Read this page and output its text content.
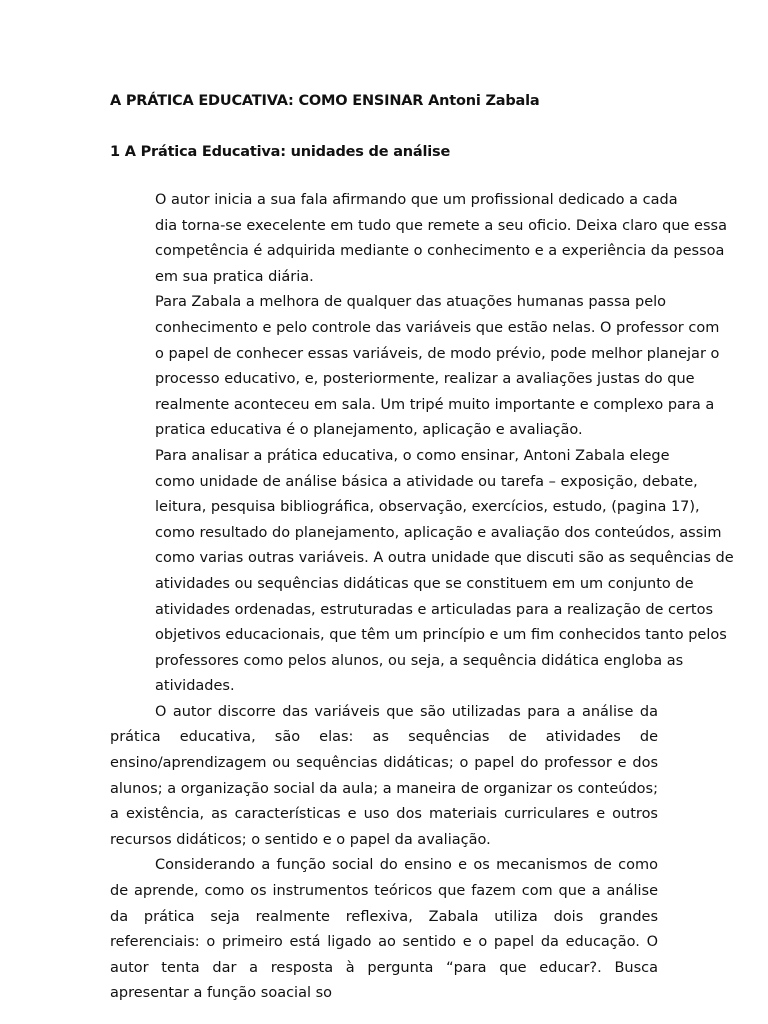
A PRÁTICA EDUCATIVA: COMO ENSINAR Antoni Zabala
1 A Prática Educativa: unidades de análise

O autor inicia a sua fala afirmando que um profissional dedicado a cada
dia torna-se execelente em tudo que remete a seu oficio. Deixa claro que essa
competência é adquirida mediante o conhecimento e a experiência da pessoa
em sua pratica diária.

Para Zabala a melhora de qualquer das atuações humanas passa pelo
conhecimento e pelo controle das variáveis que estão nelas. O professor com
o papel de conhecer essas variáveis, de modo prévio, pode melhor planejar o
processo educativo, e, posteriormente, realizar a avaliações justas do que
realmente aconteceu em sala. Um tripé muito importante e complexo para a
pratica educativa é o planejamento, aplicação e avaliação.

Para analisar a prática educativa, o como ensinar, Antoni Zabala elege
como unidade de análise básica a atividade ou tarefa – exposição, debate,
leitura, pesquisa bibliográfica, observação, exercícios, estudo, (pagina 17),
como resultado do planejamento, aplicação e avaliação dos conteúdos, assim
como varias outras variáveis. A outra unidade que discuti são as sequências de
atividades ou sequências didáticas que se constituem em um conjunto de
atividades ordenadas, estruturadas e articuladas para a realização de certos
objetivos educacionais, que têm um princípio e um fim conhecidos tanto pelos
professores como pelos alunos, ou seja, a sequência didática engloba as
atividades.

O autor discorre das variáveis que são utilizadas para a análise da prática educativa, são elas: as sequências de atividades de ensino/aprendizagem ou sequências didáticas; o papel do professor e dos alunos; a organização social da aula; a maneira de organizar os conteúdos; a existência, as características e uso dos materiais curriculares e outros recursos didáticos; o sentido e o papel da avaliação.

Considerando a função social do ensino e os mecanismos de como de aprende, como os instrumentos teóricos que fazem com que a análise da prática seja realmente reflexiva, Zabala utiliza dois grandes referenciais: o primeiro está ligado ao sentido e o papel da educação. O autor tenta dar a resposta à pergunta “para que educar?. Busca apresentar a função soacial so
